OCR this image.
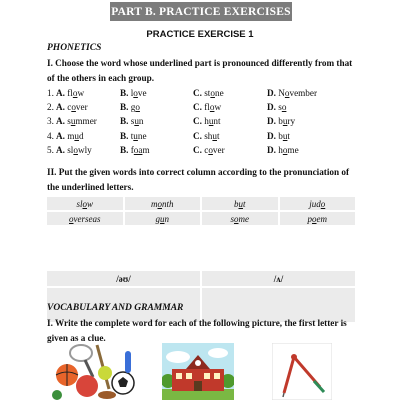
PART B. PRACTICE EXERCISES
PRACTICE EXERCISE 1
PHONETICS
I. Choose the word whose underlined part is pronounced differently from that of the others in each group.
1. A. flow	B. love	C. stone	D. November
2. A. cover	B. go	C. flow	D. so
3. A. summer	B. sun	C. hunt	D. bury
4. A. mud	B. tune	C. shut	D. but
5. A. slowly	B. foam	C. cover	D. home
II. Put the given words into correct column according to the pronunciation of the underlined letters.
sl o w	m o nth	b u t	jud o
o verseas	g u n	s o me	p o em
/əʊ/	/ʌ/
VOCABULARY AND GRAMMAR
I. Write the complete word for each of the following picture, the first letter is given as a clue.
